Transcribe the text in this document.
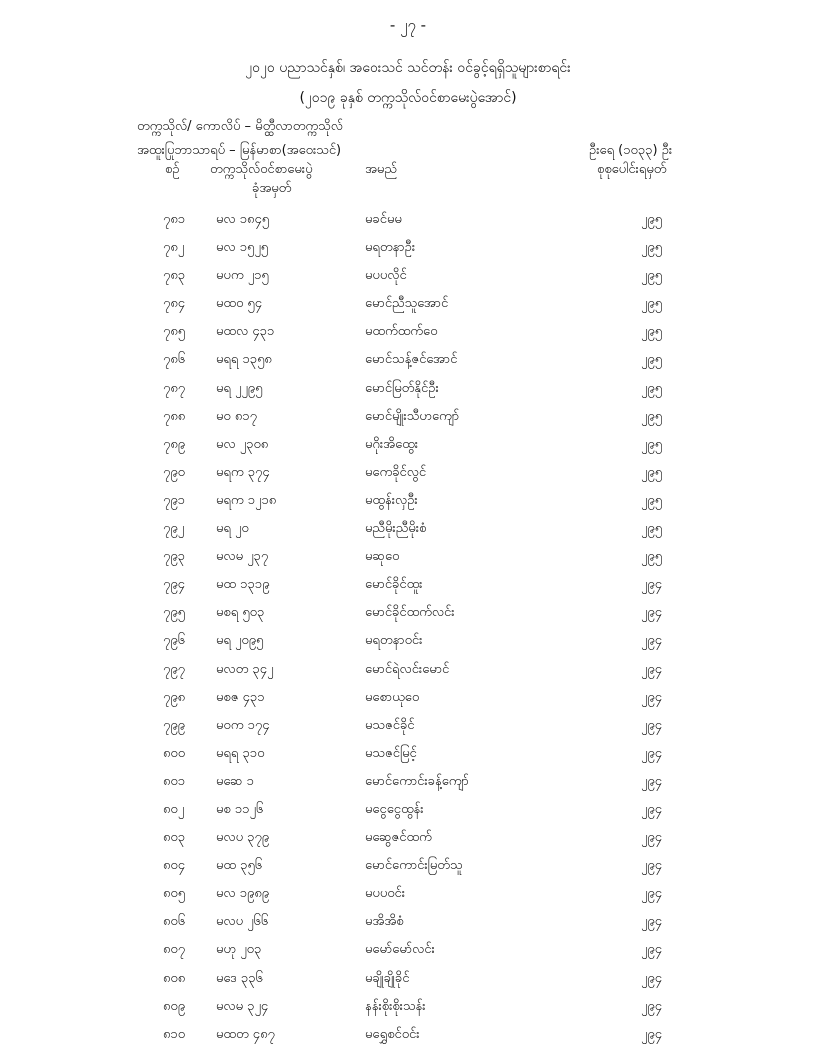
- ၂၇ -
၂၀၂၀ ပညာသင်နှစ်၊ အဝေးသင် သင်တန်း ဝင်ခွင့်ရရှိသူများစာရင်း
(၂၀၁၉ ခုနှစ် တက္ကသိုလ်ဝင်စာမေးပွဲအောင်)
တက္ကသိုလ်/ ကောလိပ် – မိတ္ထီလာတက္ကသိုလ်
အထူးပြုဘာသာရပ် – မြန်မာစာ(အဝေးသင်)	ဦးရေ (၁၀၃၃) ဦး
စဉ် တက္ကသိုလ်ဝင်စာမေးပွဲ
ခုံအမှတ်
အမည်	စုစုပေါင်းရမှတ်
၇၈၁ မလ ၁၈၄၅	မခင်မမ	၂၉၅
၇၈၂ မလ ၁၅၂၅	မရတနာဦး	၂၉၅
၇၈၃ မပက ၂၁၅	မပပလိုင်	၂၉၅
၇၈၄ မထဝ ၅၄	မောင်ညီသူအောင်	၂၉၅
၇၈၅ မထလ ၄၃၁	မထက်ထက်ဝေ	၂၉၅
၇၈၆ မရရ ၁၃၅၈	မောင်သန့်ဇင်အောင်	၂၉၅
၇၈၇ မရ ၂၂၉၅	မောင်မြတ်နိုင်ဦး	၂၉၅
၇၈၈ မဝ ၈၁၇	မောင်မျိုးသီဟကျော်	၂၉၅
၇၈၉ မလ ၂၃၀၈	မဂိုးအိထွေး	၂၉၅
၇၉၀ မရက ၃၇၄	မကေခိုင်လွင်	၂၉၅
၇၉၁ မရက ၁၂၁၈	မထွန်းလှဦး	၂၉၅
၇၉၂ မရ ၂၀	မညီမိုးညီမိုးစံ	၂၉၅
၇၉၃ မလမ ၂၃၇	မဆုဝေ	၂၉၅
၇၉၄ မထ ၁၃၁၉	မောင်ခိုင်ထူး	၂၉၄
၇၉၅ မစရ ၅၀၃	မောင်ခိုင်ထက်လင်း	၂၉၄
၇၉၆ မရ ၂၀၉၅	မရတနာဝင်း	၂၉၄
၇၉၇ မလတ ၃၄၂	မောင်ရဲလင်းမောင်	၂၉၄
၇၉၈ မစဇ ၄၃၁	မစောယုဝေ	၂၉၄
၇၉၉ မဝက ၁၇၄	မသဇင်ခိုင်	၂၉၄
၈၀၀ မရရ ၃၁၀	မသဇင်မြင့်	၂၉၄
၈၀၁ မဆေ ၁	မောင်ကောင်းခန့်ကျော်	၂၉၄
၈၀၂ မစ ၁၁၂၆	မငွေငွေထွန်း	၂၉၄
၈၀၃ မလပ ၃၇၉	မဆွေဇင်ထက်	၂၉၄
၈၀၄ မထ ၃၅၆	မောင်ကောင်းမြတ်သူ	၂၉၄
၈၀၅ မလ ၁၉၈၉	မပပဝင်း	၂၉၄
၈၀၆ မလပ ၂၆၆	မအိအိစံ	၂၉၄
၈၀၇ မဟု ၂၀၃	မမော်မော်လင်း	၂၉၄
၈၀၈ မဒေ ၃၃၆	မချိုချိုခိုင်	၂၉၄
၈၀၉ မလမ ၃၂၄	နန်းစိုးစိုးသန်း	၂၉၄
၈၁၀ မထတ ၄၈၇	မရွှေစင်ဝင်း	၂၉၄
